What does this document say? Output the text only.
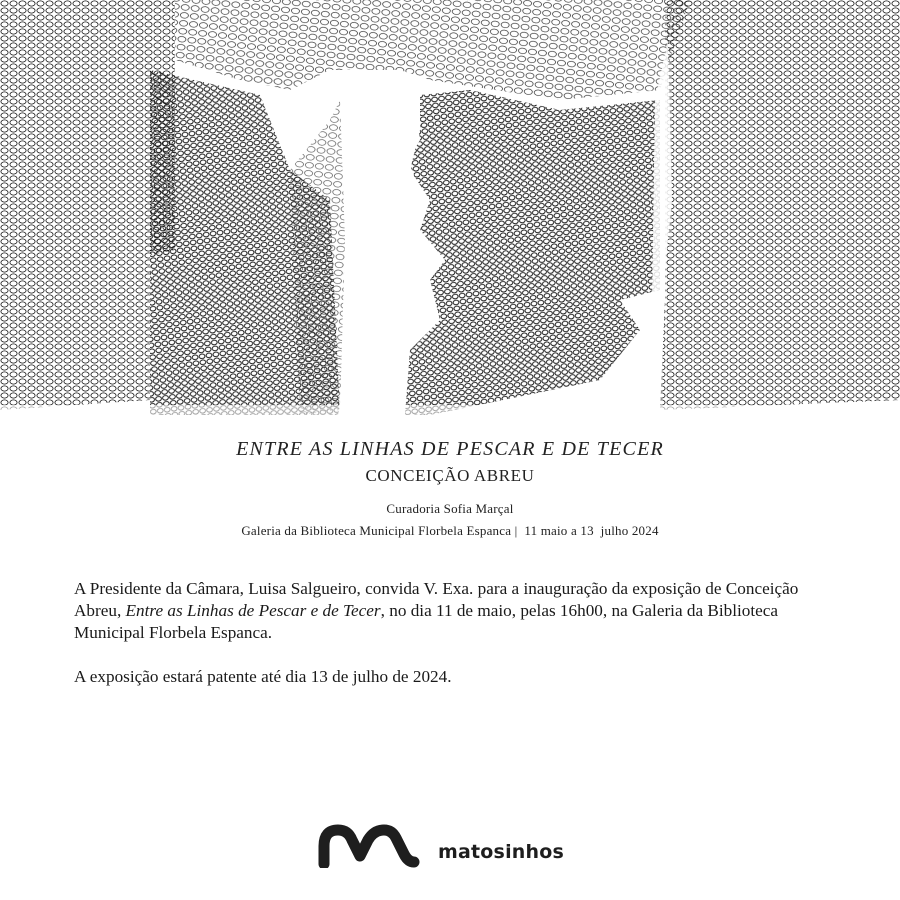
ENTRE AS LINHAS DE PESCAR E DE TECER
CONCEIÇÃO ABREU
Curadoria Sofia Marçal
Galeria da Biblioteca Municipal Florbela Espanca |  11 maio a 13  julho 2024

A Presidente da Câmara, Luisa Salgueiro, convida V. Exa. para a inauguração da exposição de Conceição Abreu, Entre as Linhas de Pescar e de Tecer, no dia 11 de maio, pelas 16h00, na Galeria da Biblioteca Municipal Florbela Espanca.

A exposição estará patente até dia 13 de julho de 2024.

matosinhos
